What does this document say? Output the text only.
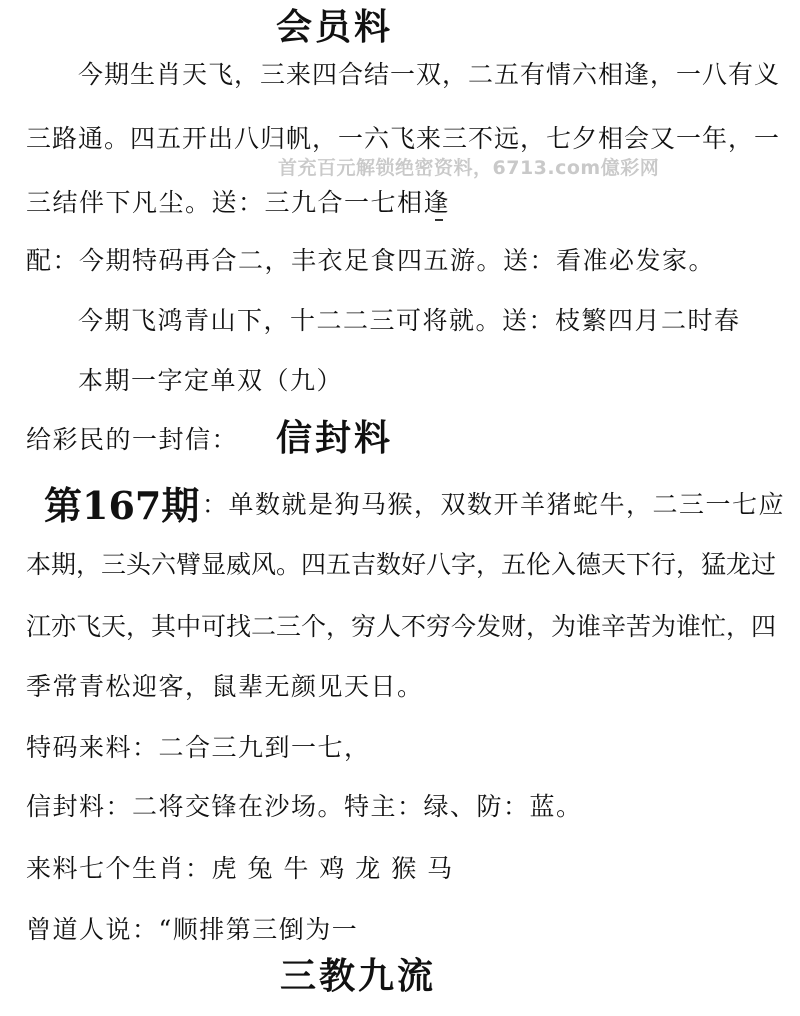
会员料
今期生肖天飞，三来四合结一双，二五有情六相逢，一八有义
三路通。四五开出八归帆，一六飞来三不远，七夕相会又一年，一
首充百元解锁绝密资料，6713.com億彩网
三结伴下凡尘。送：三九合一七相逢
配：今期特码再合二，丰衣足食四五游。送：看准必发家。
今期飞鸿青山下，十二二三可将就。送：枝繁四月二时春
本期一字定单双（九）
给彩民的一封信： 信封料
第167期 ：单数就是狗马猴，双数开羊猪蛇牛，二三一七应
本期，三头六臂显威风。四五吉数好八字，五伦入德天下行，猛龙过
江亦飞天，其中可找二三个，穷人不穷今发财，为谁辛苦为谁忙，四
季常青松迎客，鼠辈无颜见天日。
特码来料：二合三九到一七，
信封料：二将交锋在沙场。特主：绿、防：蓝。
来料七个生肖：虎 兔 牛 鸡 龙 猴 马
曾道人说：“顺排第三倒为一
三教九流
